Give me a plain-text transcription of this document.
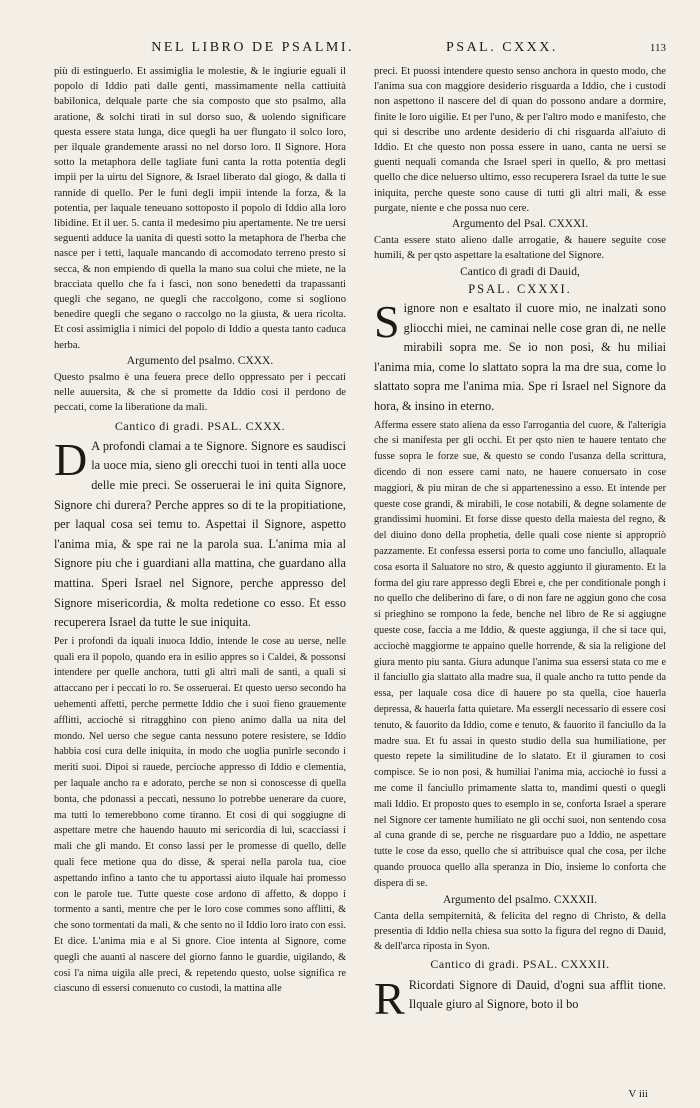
NEL LIBRO DE PSALMI.	PSAL. CXXX.	113

più di estinguerlo. Et assimiglia le molestie, & le ingiurie eguali il popolo di Iddio pati dalle genti, massimamente nella cattiuità babilonica, delquale parte che sia composto que sto psalmo, alla aratione, & solchi tirati in sul dorso suo, & uolendo significare questa essere stata lunga, dice quegli ha uer flungato il solco loro, per ilquale grandemente arassi no nel dorso loro. Il Signore. Hora sotto la metaphora delle tagliate funi canta la rotta potentia degli impii per la uirtu del Signore, & Israel liberato dal giogo, & dalla ti rannide di quello. Per le funi degli impii intende la forza, & la potentia, per laquale teneuano sottoposto il popolo di Iddio alla loro libidine. Et il uer. 5. canta il medesimo piu apertamente. Ne tre uersi seguenti adduce la uanita di questi sotto la metaphora de l'herba che nasce per i tetti, laquale mancando di accomodato terreno presto si secca, & non empiendo di quella la mano sua colui che miete, ne la bracciata quello che fa i fasci, non sono benedetti da trapassanti quegli che segano, ne quegli che raccolgono, come si sogliono benedire quegli che segano o raccolgo no la giusta, & uera ricolta. Et cosi assimiglia i nimici del popolo di Iddio a questa tanto caduca herba.

Argumento del psalmo. CXXX.

Questo psalmo è una feuera prece dello oppressato per i peccati nelle auuersita, & che si promette da Iddio cosi il perdono de peccati, come la liberatione da mali.

Cantico di gradi. PSAL. CXXX.

D A profondi clamai a te Signore. Signore es saudisci la uoce mia, sieno gli orecchi tuoi in tenti alla uoce delle mie preci. Se osseruerai le ini quita Signore, Signore chi durera? Perche appres so di te la propitiatione, per laqual cosa sei temu to. Aspettai il Signore, aspetto l'anima mia, & spe rai ne la parola sua. L'anima mia al Signore piu che i guardiani alla mattina, che guardano alla mattina. Speri Israel nel Signore, perche appresso del Signore misericordia, & molta redetione co esso. Et esso recuperera Israel da tutte le sue iniquita.

Per i profondi da iquali inuoca Iddio, intende le cose au uerse, nelle quali era il popolo, quando era in esilio appres so i Caldei, & possonsi intendere per quelle anchora, tutti gli altri mali de santi, a quali si attaccano per i peccati lo ro. Se osseruerai. Et questo uerso secondo ha uehementi affetti, perche permette Iddio che i suoi fieno grauemente afflitti, acciochè si ritragghino con pieno animo dalla ua nita del mondo. Nel uerso che segue canta nessuno potere resistere, se Iddio habbia cosi cura delle iniquita, in modo che uoglia punirle secondo i meriti suoi. Dipoi si rauede, percioche appresso di Iddio e clementia, per laquale ancho ra e adorato, perche se non si conoscesse di quella bonta, che pdonassi a peccati, nessuno lo potrebbe uenerare da cuore, ma tutti lo temerebbono come tiranno. Et cosi di qui soggiugne di aspettare metre che hauendo hauuto mi sericordia di lui, scacciassi i mali che gli mando. Et conso lassi per le promesse di quello, delle quali fece metione qua do disse, & sperai nella parola tua, cioe aspettando infino a tanto che tu apportassi aiuto ilquale hai promesso con le parole tue. Tutte queste cose ardono di affetto, & doppo i tormento a santi, mentre che per le loro cose commes sono afflitti, & che sono tormentati da mali, & che sento no il Iddio loro irato con essi. Et dice. L'anima mia e al Si gnore. Cioe intenta al Signore, come quegli che auanti al nascere del giorno fanno le guardie, uigilando, & cosi l'a nima uigila alle preci, & repetendo questo, uolse significa re ciascuno di essersi conuenuto co custodi, la mattina alle

preci. Et puossi intendere questo senso anchora in questo modo, che l'anima sua con maggiore desiderio risguarda a Iddio, che i custodi non aspettono il nascere del di quan do possono andare a dormire, finite le loro uigilie. Et per l'uno, & per l'altro modo e manifesto, che qui si describe uno ardente desiderio di chi risguarda all'aiuto di Iddio. Et che questo non possa essere in uano, canta ne uersi se guenti nequali comanda che Israel speri in quello, & pro mettasi quello che dice neluerso ultimo, esso recuperera Israel da tutte le sue iniquita, perche queste sono cause di tutti gli altri mali, & esse purgate, niente e che possa nuo cere.

Argumento del Psal. CXXXI.

Canta essere stato alieno dalle arrogatie, & hauere seguite cose humili, & per qsto aspettare la esaltatione del Signore.

Cantico di gradi di Dauid,
PSAL. CXXXI.

Signore non e esaltato il cuore mio, ne inalzati sono gliocchi miei, ne caminai nelle cose gran di, ne nelle mirabili sopra me. Se io non posi, & hu miliai l'anima mia, come lo slattato sopra la ma dre sua, come lo slattato sopra me l'anima mia. Spe ri Israel nel Signore da hora, & insino in eterno.

Afferma essere stato aliena da esso l'arrogantia del cuore, & l'alterigia che si manifesta per gli occhi. Et per qsto nien te hauere tentato che fusse sopra le forze sue, & questo se condo l'usanza della scrittura, dicendo di non essere cami nato, ne hauere conuersato in cose maggiori, & piu miran de che si appartenessino a esso. Et intende per queste cose grandi, & mirabili, le cose notabili, & degne solamente de grandissimi huomini. Et forse disse questo della maiesta del regno, & del diuino dono della prophetia, delle quali cose niente si appropriò pazzamente. Et confessa essersi porta to come uno fanciullo, allaquale cosa esorta il Saluatore no stro, & questo aggiunto il giuramento. Et la forma del giu rare appresso degli Ebrei e, che per conditionale pongh i no quello che deliberino di fare, o di non fare ne aggiun gono che cosa si prieghino se rompono la fede, benche nel libro de Re si aggiugne queste cose, faccia a me Iddio, & queste aggiunga, il che si tace qui, acciochè maggiorme te appaino quelle horrende, & sia la religione del giura mento piu santa. Giura adunque l'anima sua essersi stata co me e il fanciullo gia slattato alla madre sua, il quale ancho ra tutto pende da essa, per laquale cosa dice di hauere po sta quella, cioe hauerla depressa, & hauerla fatta quietare. Ma essergli necessario di essere cosi tenuto, & fauorito da Iddio, come e tenuto, & fauorito il fanciullo da la madre sua. Et fu assai in questo studio della sua humiliatione, per questo repete la similitudine de lo slatato. Et il giuramen to cosi compisce. Se io non posi, & humiliai l'anima mia, acciochè io fussi a me come il fanciullo primamente slatta to, mandimi questi o quegli mali Iddio. Et proposto ques to esemplo in se, conforta Israel a sperare nel Signore cer tamente humiliato ne gli occhi suoi, non sentendo cosa al cuna grande di se, perche ne risguardare puo a Iddio, ne aspettare tutte le cose da esso, quello che si attribuisce qual che cosa, per ilche quando prouoca quello alla speranza in Dio, insieme lo conforta che dispera di se.

Argumento del psalmo. CXXXII.

Canta della sempiternità, & felicita del regno di Christo, & della presentia di Iddio nella chiesa sua sotto la figura del regno di Dauid, & dell'arca riposta in Syon.

Cantico di gradi. PSAL. CXXXII.

R Ricordati Signore di Dauid, d'ogni sua afflit tione. Ilquale giuro al Signore, boto il bo

V iii
